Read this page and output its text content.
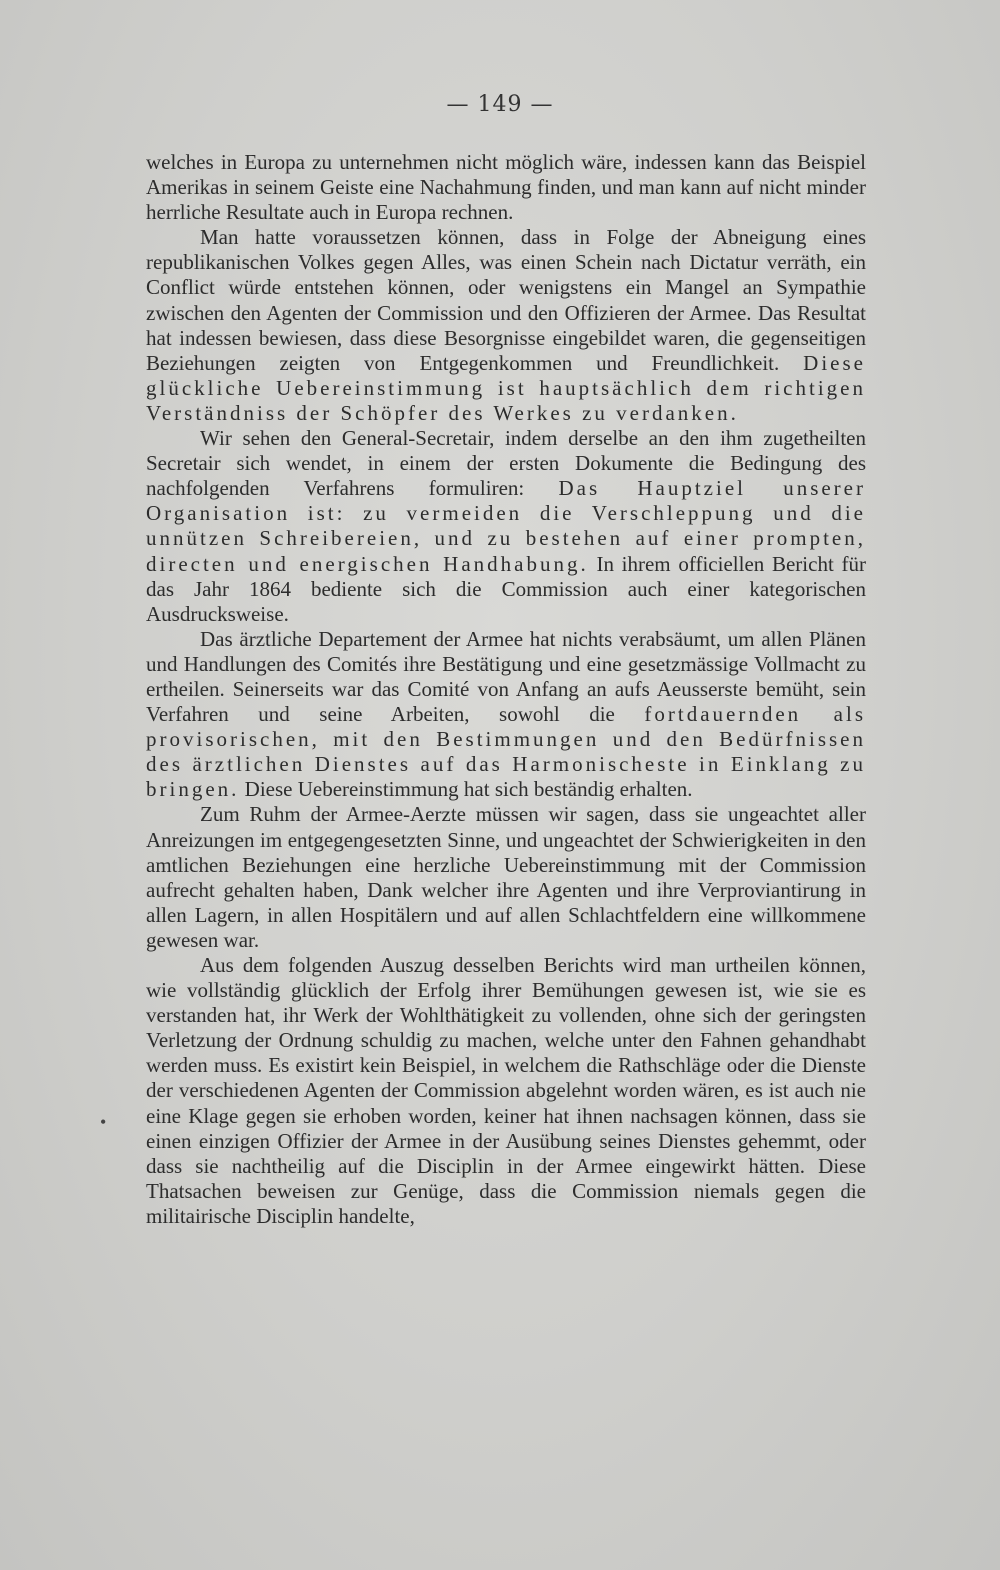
— 149 —
•

welches in Europa zu unternehmen nicht möglich wäre, indessen kann das Beispiel Amerikas in seinem Geiste eine Nachahmung finden, und man kann auf nicht minder herrliche Resultate auch in Europa rechnen.

Man hatte voraussetzen können, dass in Folge der Abneigung eines republikanischen Volkes gegen Alles, was einen Schein nach Dictatur verräth, ein Conflict würde entstehen können, oder wenigstens ein Mangel an Sympathie zwischen den Agenten der Commission und den Offizieren der Armee. Das Resultat hat indessen bewiesen, dass diese Besorgnisse eingebildet waren, die gegenseitigen Beziehungen zeigten von Entgegenkommen und Freundlichkeit. Diese glückliche Uebereinstimmung ist hauptsächlich dem richtigen Verständniss der Schöpfer des Werkes zu verdanken.

Wir sehen den General-Secretair, indem derselbe an den ihm zugetheilten Secretair sich wendet, in einem der ersten Dokumente die Bedingung des nachfolgenden Verfahrens formuliren: Das Hauptziel unserer Organisation ist: zu vermeiden die Verschleppung und die unnützen Schreibereien, und zu bestehen auf einer prompten, directen und energischen Handhabung. In ihrem officiellen Bericht für das Jahr 1864 bediente sich die Commission auch einer kategorischen Ausdrucksweise.

Das ärztliche Departement der Armee hat nichts verabsäumt, um allen Plänen und Handlungen des Comités ihre Bestätigung und eine gesetzmässige Vollmacht zu ertheilen. Seinerseits war das Comité von Anfang an aufs Aeusserste bemüht, sein Verfahren und seine Arbeiten, sowohl die fortdauernden als provisorischen, mit den Bestimmungen und den Bedürfnissen des ärztlichen Dienstes auf das Harmonischeste in Einklang zu bringen. Diese Uebereinstimmung hat sich beständig erhalten.

Zum Ruhm der Armee-Aerzte müssen wir sagen, dass sie ungeachtet aller Anreizungen im entgegengesetzten Sinne, und ungeachtet der Schwierigkeiten in den amtlichen Beziehungen eine herzliche Uebereinstimmung mit der Commission aufrecht gehalten haben, Dank welcher ihre Agenten und ihre Verproviantirung in allen Lagern, in allen Hospitälern und auf allen Schlachtfeldern eine willkommene gewesen war.

Aus dem folgenden Auszug desselben Berichts wird man urtheilen können, wie vollständig glücklich der Erfolg ihrer Bemühungen gewesen ist, wie sie es verstanden hat, ihr Werk der Wohlthätigkeit zu vollenden, ohne sich der geringsten Verletzung der Ordnung schuldig zu machen, welche unter den Fahnen gehandhabt werden muss. Es existirt kein Beispiel, in welchem die Rathschläge oder die Dienste der verschiedenen Agenten der Commission abgelehnt worden wären, es ist auch nie eine Klage gegen sie erhoben worden, keiner hat ihnen nachsagen können, dass sie einen einzigen Offizier der Armee in der Ausübung seines Dienstes gehemmt, oder dass sie nachtheilig auf die Disciplin in der Armee eingewirkt hätten. Diese Thatsachen beweisen zur Genüge, dass die Commission niemals gegen die militairische Disciplin handelte,
